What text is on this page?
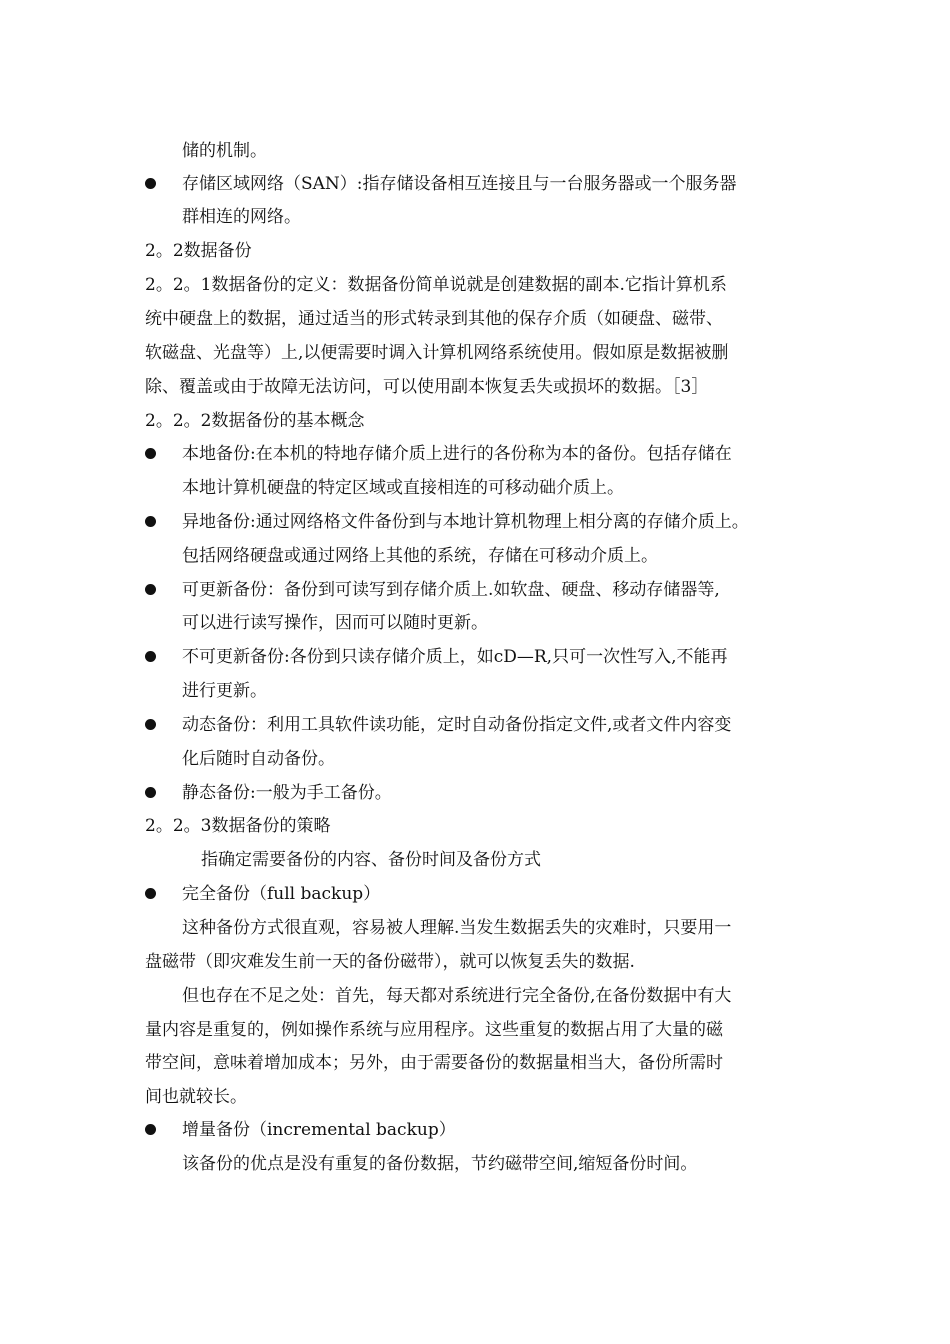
储的机制。
存储区域网络（SAN）:指存储设备相互连接且与一台服务器或一个服务器
群相连的网络。
2。2数据备份
2。2。1数据备份的定义：数据备份简单说就是创建数据的副本.它指计算机系
统中硬盘上的数据，通过适当的形式转录到其他的保存介质（如硬盘、磁带、
软磁盘、光盘等）上,以便需要时调入计算机网络系统使用。假如原是数据被删
除、覆盖或由于故障无法访问，可以使用副本恢复丢失或损坏的数据。［3］
2。2。2数据备份的基本概念
本地备份:在本机的特地存储介质上进行的各份称为本的备份。包括存储在
本地计算机硬盘的特定区域或直接相连的可移动础介质上。
异地备份:通过网络格文件备份到与本地计算机物理上相分离的存储介质上。
包括网络硬盘或通过网络上其他的系统，存储在可移动介质上。
可更新备份：备份到可读写到存储介质上.如软盘、硬盘、移动存储器等,
可以进行读写操作，因而可以随时更新。
不可更新备份:各份到只读存储介质上，如cD—R,只可一次性写入,不能再
进行更新。
动态备份：利用工具软件读功能，定时自动备份指定文件,或者文件内容变
化后随时自动备份。
静态备份:一般为手工备份。
2。2。3数据备份的策略
指确定需要备份的内容、备份时间及备份方式
完全备份（full backup）
这种备份方式很直观，容易被人理解.当发生数据丢失的灾难时，只要用一
盘磁带（即灾难发生前一天的备份磁带），就可以恢复丢失的数据.
但也存在不足之处：首先，每天都对系统进行完全备份,在备份数据中有大
量内容是重复的，例如操作系统与应用程序。这些重复的数据占用了大量的磁
带空间，意味着增加成本；另外，由于需要备份的数据量相当大，备份所需时
间也就较长。
增量备份（incremental backup）
该备份的优点是没有重复的备份数据，节约磁带空间,缩短备份时间。
